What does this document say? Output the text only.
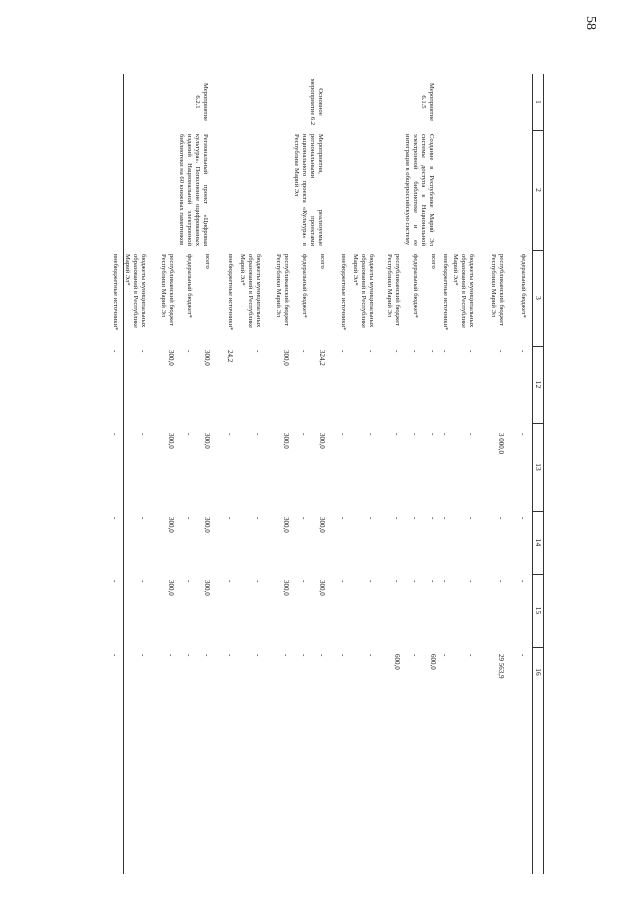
58
1
2
3
12
13
14
15
16
федеральный бюджет*
-
-
-
-
-
республиканский бюджет Республики Марий Эл
-
3 000,0
-
-
29 563,9
бюджеты муниципальных образований в Республике Марий Эл*
-
-
-
-
-
внебюджетные источники*
-
-
-
-
-
Мероприятие 6.1.5
Создание в Республике Марий Эл системы доступа к Национальной электронной библиотеке и ее интеграция в общероссийскую систему
всего
-
-
-
-
600,0
федеральный бюджет*
-
-
-
-
-
республиканский бюджет Республики Марий Эл
-
-
-
-
600,0
бюджеты муниципальных образований в Республике Марий Эл*
-
-
-
-
-
внебюджетные источники*
-
-
-
-
-
Основное мероприятие 6.2
Мероприятия, реализуемые региональными проектами национального проекта «Культура» в Республике Марий Эл
всего
324,2
300,0
300,0
300,0
-
федеральный бюджет*
-
-
-
-
-
республиканский бюджет Республики Марий Эл
300,0
300,0
300,0
300,0
-
бюджеты муниципальных образований в Республике Марий Эл*
-
-
-
-
-
внебюджетные источники*
24,2
-
-
-
-
Мероприятие 6.2.1
Региональный проект «Цифровая культура». Пополнение оцифрованных изданий Национальной электронной библиотеки на 60 книжных памятников
всего
300,0
300,0
300,0
300,0
-
федеральный бюджет*
-
-
-
-
-
республиканский бюджет Республики Марий Эл
300,0
300,0
300,0
300,0
-
бюджеты муниципальных образований в Республике Марий Эл*
-
-
-
-
-
внебюджетные источники*
-
-
-
-
-
